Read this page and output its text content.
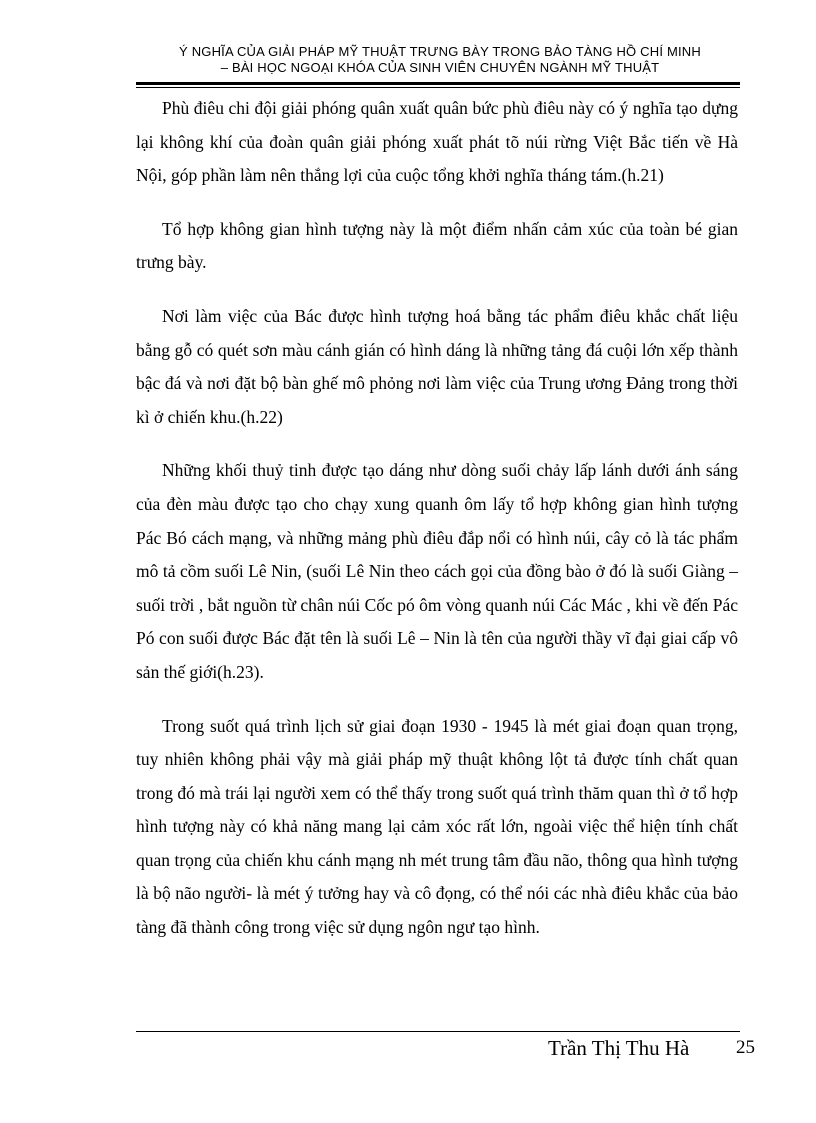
Ý NGHĨA CỦA GIẢI PHÁP MỸ THUẬT TRƯNG BÀY TRONG BẢO TÀNG HỒ CHÍ MINH
– BÀI HỌC NGOẠI KHÓA CỦA SINH VIÊN CHUYÊN NGÀNH MỸ THUẬT

Phù điêu chi đội giải phóng quân xuất quân bức phù điêu này có ý nghĩa tạo dựng lại không khí của đoàn quân giải phóng xuất phát tõ núi rừng Việt Bắc tiến về Hà Nội, góp phần làm nên thắng lợi của cuộc tổng khởi nghĩa tháng tám.(h.21)

Tổ hợp không gian hình tượng này là một điểm nhấn cảm xúc của toàn bé gian trưng bày.

Nơi làm việc của Bác được hình tượng hoá bằng tác phẩm điêu khắc chất liệu bằng gỗ có quét sơn màu cánh gián có hình dáng là những tảng đá cuội lớn xếp thành bậc đá và nơi đặt bộ bàn ghế mô phỏng nơi làm việc của Trung ương Đảng trong thời kì ở chiến khu.(h.22)

Những khối thuỷ tinh được tạo dáng như dòng suối chảy lấp lánh dưới ánh sáng của đèn màu được tạo cho chạy xung quanh ôm lấy tổ hợp không gian hình tượng Pác Bó cách mạng, và những mảng phù điêu đắp nổi có hình núi, cây cỏ là tác phẩm mô tả cồm suối Lê Nin, (suối Lê Nin theo cách gọi của đồng bào ở đó là suối Giàng –suối trời , bắt nguồn từ chân núi Cốc pó ôm vòng quanh núi Các Mác , khi về đến Pác Pó con suối được Bác đặt tên là suối Lê – Nin là tên của người thầy vĩ đại giai cấp vô sản thế giới(h.23).

Trong suốt quá trình lịch sử giai đoạn 1930 - 1945 là mét giai đoạn quan trọng, tuy nhiên không phải vậy mà giải pháp mỹ thuật không lột tả được tính chất quan trong đó mà trái lại người xem có thể thấy trong suốt quá trình thăm quan thì ở tổ hợp hình tượng này có khả năng mang lại cảm xóc rất lớn, ngoài việc thể hiện tính chất quan trọng của chiến khu cánh mạng nh mét trung tâm đầu não, thông qua hình tượng là bộ não người- là mét ý tưởng hay và cô đọng, có thể nói các nhà điêu khắc của bảo tàng đã thành công trong việc sử dụng ngôn ngư tạo hình.

Trần Thị Thu Hà 25
